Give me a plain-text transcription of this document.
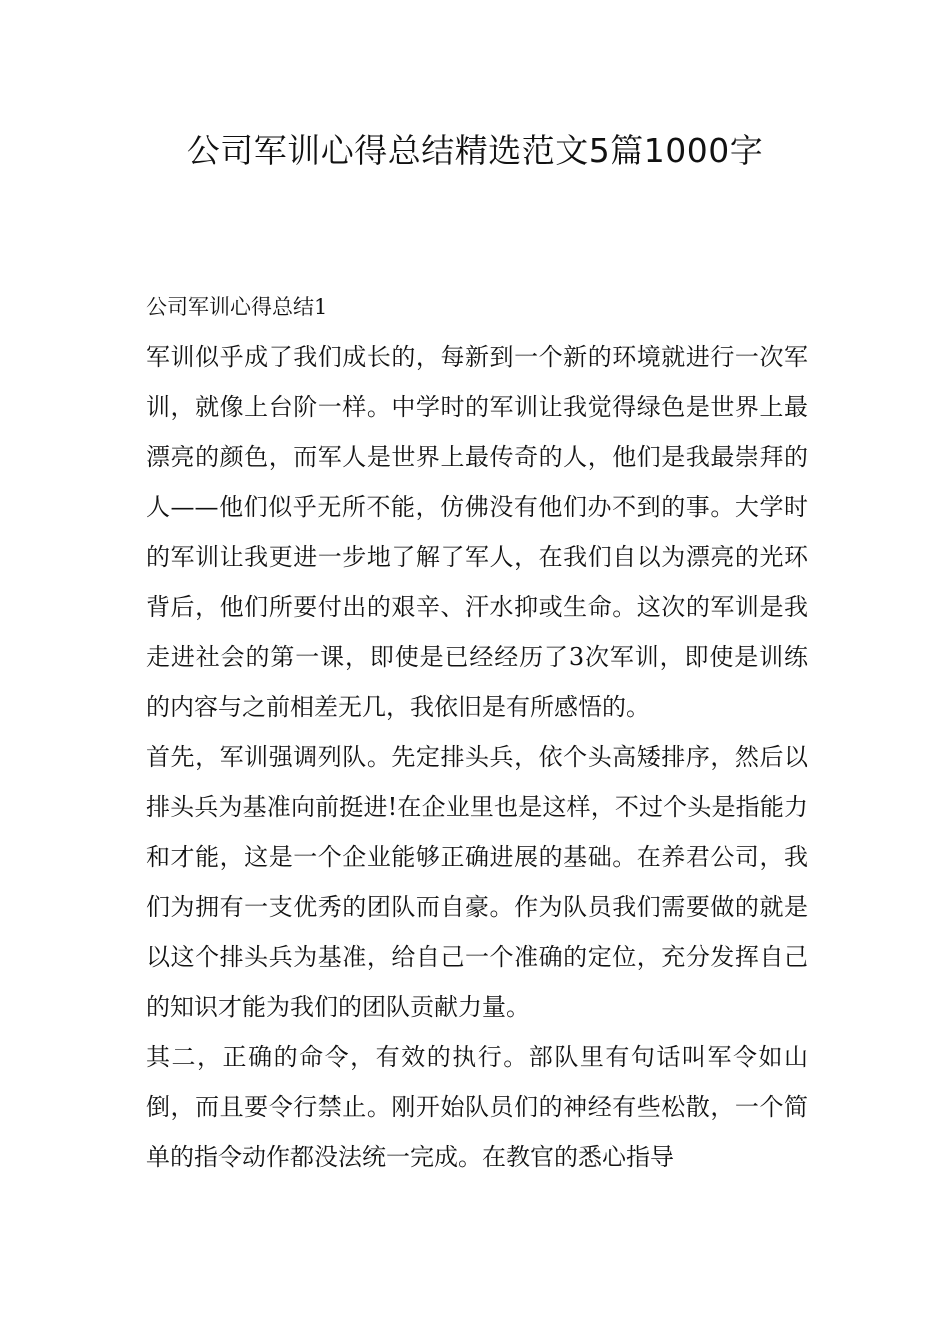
公司军训心得总结精选范文5篇1000字
公司军训心得总结1

军训似乎成了我们成长的，每新到一个新的环境就进行一次军训，就像上台阶一样。中学时的军训让我觉得绿色是世界上最漂亮的颜色，而军人是世界上最传奇的人，他们是我最崇拜的人——他们似乎无所不能，仿佛没有他们办不到的事。大学时的军训让我更进一步地了解了军人，在我们自以为漂亮的光环背后，他们所要付出的艰辛、汗水抑或生命。这次的军训是我走进社会的第一课，即使是已经经历了3次军训，即使是训练的内容与之前相差无几，我依旧是有所感悟的。

首先，军训强调列队。先定排头兵，依个头高矮排序，然后以排头兵为基准向前挺进!在企业里也是这样，不过个头是指能力和才能，这是一个企业能够正确进展的基础。在养君公司，我们为拥有一支优秀的团队而自豪。作为队员我们需要做的就是以这个排头兵为基准，给自己一个准确的定位，充分发挥自己的知识才能为我们的团队贡献力量。

其二，正确的命令，有效的执行。部队里有句话叫军令如山倒，而且要令行禁止。刚开始队员们的神经有些松散，一个简单的指令动作都没法统一完成。在教官的悉心指导
